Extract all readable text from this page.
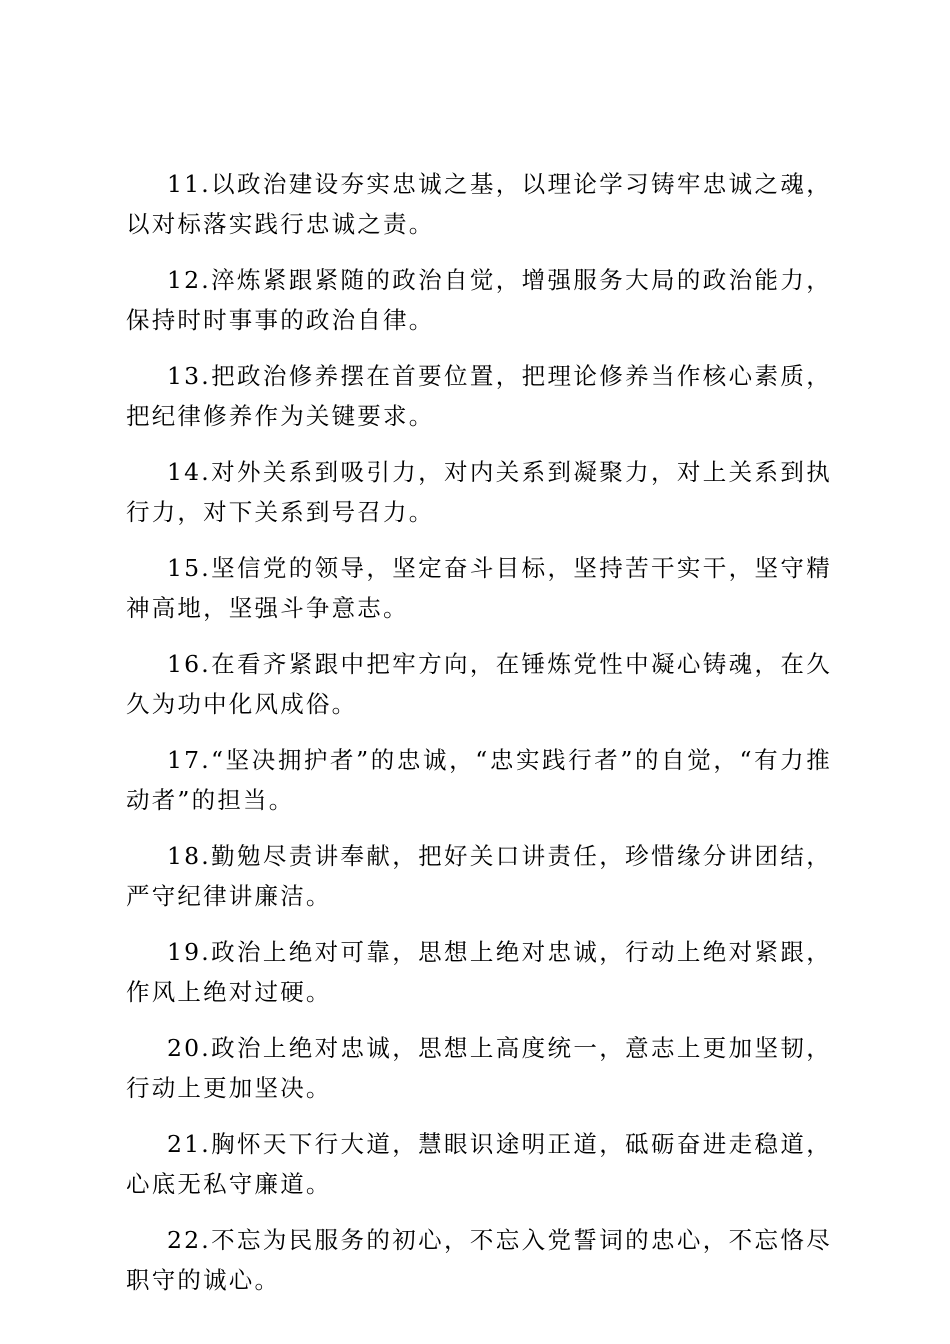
11.以政治建设夯实忠诚之基，以理论学习铸牢忠诚之魂，以对标落实践行忠诚之责。

12.淬炼紧跟紧随的政治自觉，增强服务大局的政治能力，保持时时事事的政治自律。

13.把政治修养摆在首要位置，把理论修养当作核心素质，把纪律修养作为关键要求。

14.对外关系到吸引力，对内关系到凝聚力，对上关系到执行力，对下关系到号召力。

15.坚信党的领导，坚定奋斗目标，坚持苦干实干，坚守精神高地，坚强斗争意志。

16.在看齐紧跟中把牢方向，在锤炼党性中凝心铸魂，在久久为功中化风成俗。

17.“坚决拥护者”的忠诚，“忠实践行者”的自觉，“有力推动者”的担当。

18.勤勉尽责讲奉献，把好关口讲责任，珍惜缘分讲团结，严守纪律讲廉洁。

19.政治上绝对可靠，思想上绝对忠诚，行动上绝对紧跟，作风上绝对过硬。

20.政治上绝对忠诚，思想上高度统一，意志上更加坚韧，行动上更加坚决。

21.胸怀天下行大道，慧眼识途明正道，砥砺奋进走稳道，心底无私守廉道。

22.不忘为民服务的初心，不忘入党誓词的忠心，不忘恪尽职守的诚心。
